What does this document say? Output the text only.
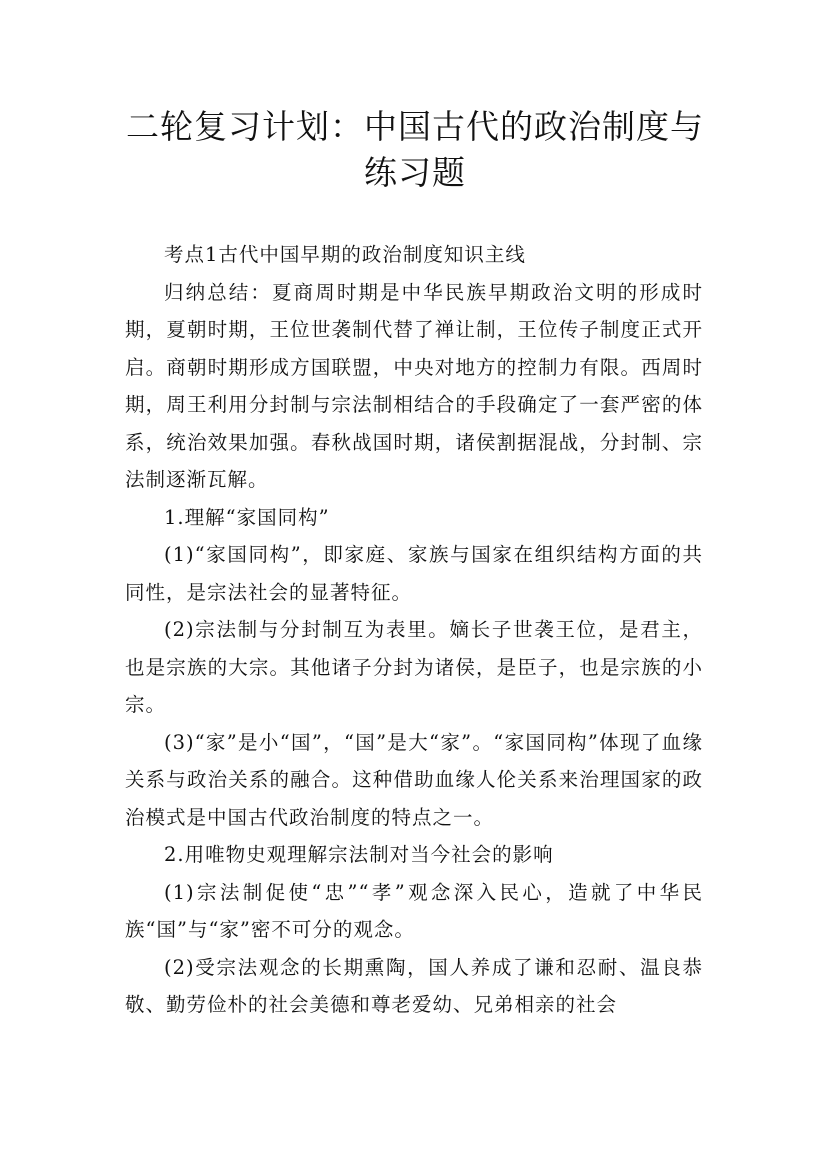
二轮复习计划：中国古代的政治制度与练习题

考点1古代中国早期的政治制度知识主线

归纳总结：夏商周时期是中华民族早期政治文明的形成时期，夏朝时期，王位世袭制代替了禅让制，王位传子制度正式开启。商朝时期形成方国联盟，中央对地方的控制力有限。西周时期，周王利用分封制与宗法制相结合的手段确定了一套严密的体系，统治效果加强。春秋战国时期，诸侯割据混战，分封制、宗法制逐渐瓦解。

1.理解“家国同构”

(1)“家国同构”，即家庭、家族与国家在组织结构方面的共同性，是宗法社会的显著特征。

(2)宗法制与分封制互为表里。嫡长子世袭王位，是君主，也是宗族的大宗。其他诸子分封为诸侯，是臣子，也是宗族的小宗。

(3)“家”是小“国”，“国”是大“家”。“家国同构”体现了血缘关系与政治关系的融合。这种借助血缘人伦关系来治理国家的政治模式是中国古代政治制度的特点之一。

2.用唯物史观理解宗法制对当今社会的影响

(1)宗法制促使“忠”“孝”观念深入民心，造就了中华民族“国”与“家”密不可分的观念。

(2)受宗法观念的长期熏陶，国人养成了谦和忍耐、温良恭敬、勤劳俭朴的社会美德和尊老爱幼、兄弟相亲的社会
